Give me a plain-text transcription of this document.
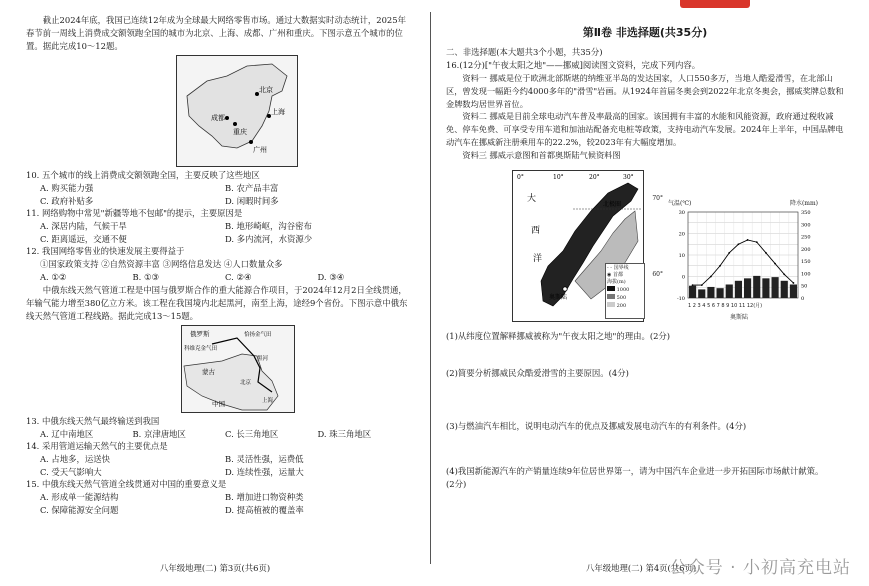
截止2024年底，我国已连续12年成为全球最大网络零售市场。通过大数据实时动态统计，2025年春节前一周线上消费成交额领跑全国的城市为北京、上海、成都、广州和重庆。下图示意五个城市的位置。据此完成10～12题。

北京
成都
重庆
上海
广州

10. 五个城市的线上消费成交额领跑全国，主要反映了这些地区

A. 购买能力强	B. 农产品丰富
C. 政府补贴多	D. 闲暇时间多

11. 网络购物中常见"新疆等地不包邮"的提示，主要原因是

A. 深居内陆，气候干旱	B. 地形崎岖，沟谷密布
C. 距离遥远，交通不便	D. 多内流河，水资源少

12. 我国网络零售业的快速发展主要得益于

①国家政策支持 ②自然资源丰富 ③网络信息发达 ④人口数量众多

A. ①②	B. ①③	C. ②④	D. ③④

中俄东线天然气管道工程是中国与俄罗斯合作的重大能源合作项目，于2024年12月2日全线贯通，年输气能力增至380亿立方米。该工程在我国境内北起黑河，南至上海，途经9个省份。下图示意中俄东线天然气管道工程线路。据此完成13～15题。

俄罗斯	恰扬金气田
科维克金气田
黑河
蒙古
北京
中国	上海

13. 中俄东线天然气最终输送到我国

A. 辽中南地区	B. 京津唐地区	C. 长三角地区	D. 珠三角地区

14. 采用管道运输天然气的主要优点是

A. 占地多，运送快	B. 灵活性强，运费低
C. 受天气影响大	D. 连续性强，运量大

15. 中俄东线天然气管道全线贯通对中国的重要意义是

A. 形成单一能源结构	B. 增加进口物资种类
C. 保障能源安全问题	D. 提高植被的覆盖率
八年级地理(二) 第3页(共6页)
第Ⅱ卷 非选择题(共35分)

二、非选择题(本大题共3个小题，共35分)

16.(12分)["午夜太阳之地"——挪威]阅读图文资料，完成下列内容。

资料一 挪威是位于欧洲北部斯堪的纳维亚半岛的发达国家，人口550多万，当地人酷爱滑雪，在北部山区，曾发现一幅距今约4000多年的"滑雪"岩画。从1924年首届冬奥会到2022年北京冬奥会，挪威奖牌总数和金牌数均居世界首位。

资料二 挪威是目前全球电动汽车普及率最高的国家。该国拥有丰富的水能和风能资源，政府通过税收减免、停车免费、可享受专用车道和加油站配备充电桩等政策，支持电动汽车发展。2024年上半年，中国品牌电动汽车在挪威新注册乘用车的22.2%，较2023年有大幅度增加。

资料三 挪威示意图和首都奥斯陆气候资料图

大
西
洋
北极圈
奥斯陆
0°	10°	20°	30°
70°
60°
- - 国界线
◉ 首都
海拔(m)
1000
500
200
气温(℃)	降水(mm)
-10
0
10
20
30
0
50
100
150
200
250
300
350
1 2 3 4 5 6 7 8 9 10 11 12(月)
奥斯陆

(1)从纬度位置解释挪威被称为"午夜太阳之地"的理由。(2分)

(2)简要分析挪威民众酷爱滑雪的主要原因。(4分)

(3)与燃油汽车相比，说明电动汽车的优点及挪威发展电动汽车的有利条件。(4分)

(4)我国新能源汽车的产销量连续9年位居世界第一，请为中国汽车企业进一步开拓国际市场献计献策。(2分)

八年级地理(二) 第4页(共6页)
公众号 · 小初高充电站
